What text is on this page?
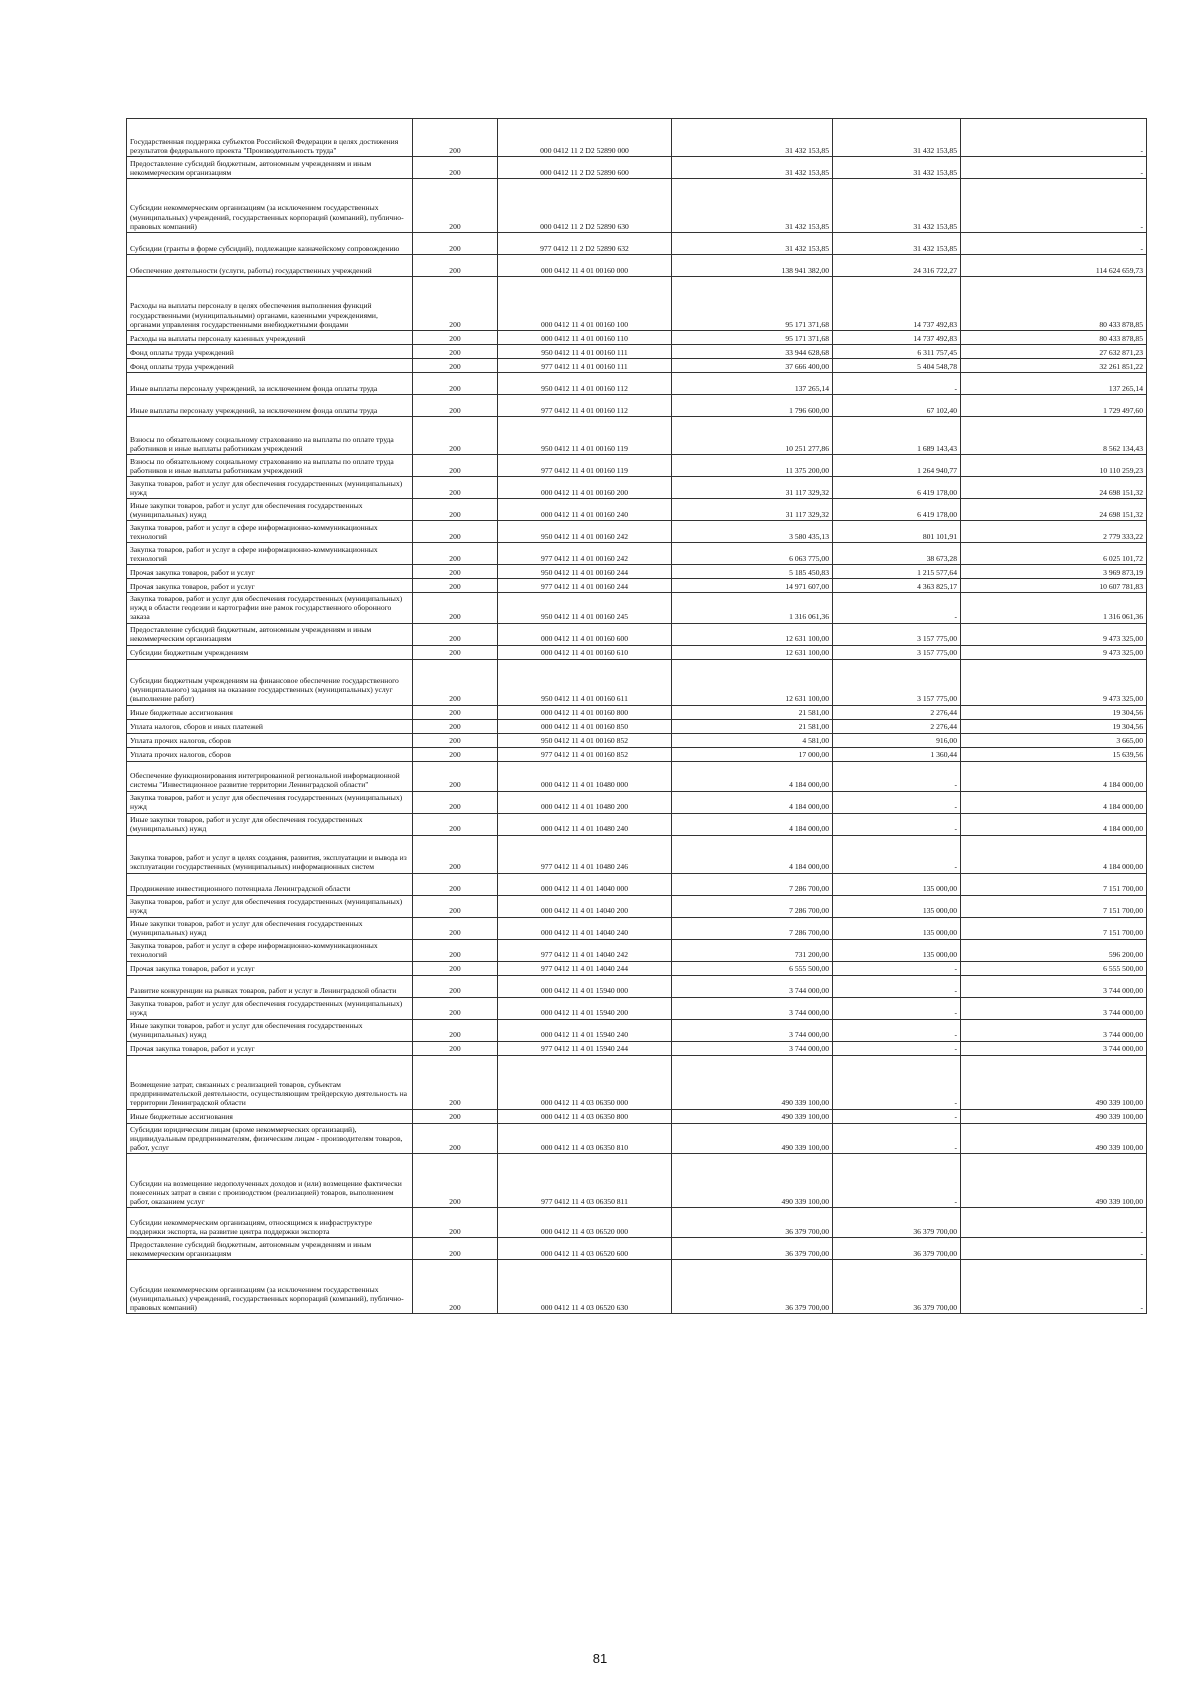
Государственная поддержка субъектов Российской Федерации в целях достижения результатов федерального проекта "Производительность труда"	200	000 0412 11 2 D2 52890 000	31 432 153,85	31 432 153,85	-
Предоставление субсидий бюджетным, автономным учреждениям и иным некоммерческим организациям	200	000 0412 11 2 D2 52890 600	31 432 153,85	31 432 153,85	-
Субсидии некоммерческим организациям (за исключением государственных (муниципальных) учреждений, государственных корпораций (компаний), публично-правовых компаний)	200	000 0412 11 2 D2 52890 630	31 432 153,85	31 432 153,85	-
Субсидии (гранты в форме субсидий), подлежащие казначейскому сопровождению	200	977 0412 11 2 D2 52890 632	31 432 153,85	31 432 153,85	-
Обеспечение деятельности (услуги, работы) государственных учреждений	200	000 0412 11 4 01 00160 000	138 941 382,00	24 316 722,27	114 624 659,73
Расходы на выплаты персоналу в целях обеспечения выполнения функций государственными (муниципальными) органами, казенными учреждениями, органами управления государственными внебюджетными фондами	200	000 0412 11 4 01 00160 100	95 171 371,68	14 737 492,83	80 433 878,85
Расходы на выплаты персоналу казенных учреждений	200	000 0412 11 4 01 00160 110	95 171 371,68	14 737 492,83	80 433 878,85
Фонд оплаты труда учреждений	200	950 0412 11 4 01 00160 111	33 944 628,68	6 311 757,45	27 632 871,23
Фонд оплаты труда учреждений	200	977 0412 11 4 01 00160 111	37 666 400,00	5 404 548,78	32 261 851,22
Иные выплаты персоналу учреждений, за исключением фонда оплаты труда	200	950 0412 11 4 01 00160 112	137 265,14	-	137 265,14
Иные выплаты персоналу учреждений, за исключением фонда оплаты труда	200	977 0412 11 4 01 00160 112	1 796 600,00	67 102,40	1 729 497,60
Взносы по обязательному социальному страхованию на выплаты по оплате труда работников и иные выплаты работникам учреждений	200	950 0412 11 4 01 00160 119	10 251 277,86	1 689 143,43	8 562 134,43
Взносы по обязательному социальному страхованию на выплаты по оплате труда работников и иные выплаты работникам учреждений	200	977 0412 11 4 01 00160 119	11 375 200,00	1 264 940,77	10 110 259,23
Закупка товаров, работ и услуг для обеспечения государственных (муниципальных) нужд	200	000 0412 11 4 01 00160 200	31 117 329,32	6 419 178,00	24 698 151,32
Иные закупки товаров, работ и услуг для обеспечения государственных (муниципальных) нужд	200	000 0412 11 4 01 00160 240	31 117 329,32	6 419 178,00	24 698 151,32
Закупка товаров, работ и услуг в сфере информационно-коммуникационных технологий	200	950 0412 11 4 01 00160 242	3 580 435,13	801 101,91	2 779 333,22
Закупка товаров, работ и услуг в сфере информационно-коммуникационных технологий	200	977 0412 11 4 01 00160 242	6 063 775,00	38 673,28	6 025 101,72
Прочая закупка товаров, работ и услуг	200	950 0412 11 4 01 00160 244	5 185 450,83	1 215 577,64	3 969 873,19
Прочая закупка товаров, работ и услуг	200	977 0412 11 4 01 00160 244	14 971 607,00	4 363 825,17	10 607 781,83
Закупка товаров, работ и услуг для обеспечения государственных (муниципальных) нужд в области геодезии и картографии вне рамок государственного оборонного заказа	200	950 0412 11 4 01 00160 245	1 316 061,36	-	1 316 061,36
Предоставление субсидий бюджетным, автономным учреждениям и иным некоммерческим организациям	200	000 0412 11 4 01 00160 600	12 631 100,00	3 157 775,00	9 473 325,00
Субсидии бюджетным учреждениям	200	000 0412 11 4 01 00160 610	12 631 100,00	3 157 775,00	9 473 325,00
Субсидии бюджетным учреждениям на финансовое обеспечение государственного (муниципального) задания на оказание государственных (муниципальных) услуг (выполнение работ)	200	950 0412 11 4 01 00160 611	12 631 100,00	3 157 775,00	9 473 325,00
Иные бюджетные ассигнования	200	000 0412 11 4 01 00160 800	21 581,00	2 276,44	19 304,56
Уплата налогов, сборов и иных платежей	200	000 0412 11 4 01 00160 850	21 581,00	2 276,44	19 304,56
Уплата прочих налогов, сборов	200	950 0412 11 4 01 00160 852	4 581,00	916,00	3 665,00
Уплата прочих налогов, сборов	200	977 0412 11 4 01 00160 852	17 000,00	1 360,44	15 639,56
Обеспечение функционирования интегрированной региональной информационной системы "Инвестиционное развитие территории Ленинградской области"	200	000 0412 11 4 01 10480 000	4 184 000,00	-	4 184 000,00
Закупка товаров, работ и услуг для обеспечения государственных (муниципальных) нужд	200	000 0412 11 4 01 10480 200	4 184 000,00	-	4 184 000,00
Иные закупки товаров, работ и услуг для обеспечения государственных (муниципальных) нужд	200	000 0412 11 4 01 10480 240	4 184 000,00	-	4 184 000,00
Закупка товаров, работ и услуг в целях создания, развития, эксплуатации и вывода из эксплуатации государственных (муниципальных) информационных систем	200	977 0412 11 4 01 10480 246	4 184 000,00	-	4 184 000,00
Продвижение инвестиционного потенциала Ленинградской области	200	000 0412 11 4 01 14040 000	7 286 700,00	135 000,00	7 151 700,00
Закупка товаров, работ и услуг для обеспечения государственных (муниципальных) нужд	200	000 0412 11 4 01 14040 200	7 286 700,00	135 000,00	7 151 700,00
Иные закупки товаров, работ и услуг для обеспечения государственных (муниципальных) нужд	200	000 0412 11 4 01 14040 240	7 286 700,00	135 000,00	7 151 700,00
Закупка товаров, работ и услуг в сфере информационно-коммуникационных технологий	200	977 0412 11 4 01 14040 242	731 200,00	135 000,00	596 200,00
Прочая закупка товаров, работ и услуг	200	977 0412 11 4 01 14040 244	6 555 500,00	-	6 555 500,00
Развитие конкуренции на рынках товаров, работ и услуг в Ленинградской области	200	000 0412 11 4 01 15940 000	3 744 000,00	-	3 744 000,00
Закупка товаров, работ и услуг для обеспечения государственных (муниципальных) нужд	200	000 0412 11 4 01 15940 200	3 744 000,00	-	3 744 000,00
Иные закупки товаров, работ и услуг для обеспечения государственных (муниципальных) нужд	200	000 0412 11 4 01 15940 240	3 744 000,00	-	3 744 000,00
Прочая закупка товаров, работ и услуг	200	977 0412 11 4 01 15940 244	3 744 000,00	-	3 744 000,00
Возмещение затрат, связанных с реализацией товаров, субъектам предпринимательской деятельности, осуществляющим трейдерскую деятельность на территории Ленинградской области	200	000 0412 11 4 03 06350 000	490 339 100,00	-	490 339 100,00
Иные бюджетные ассигнования	200	000 0412 11 4 03 06350 800	490 339 100,00	-	490 339 100,00
Субсидии юридическим лицам (кроме некоммерческих организаций), индивидуальным предпринимателям, физическим лицам - производителям товаров, работ, услуг	200	000 0412 11 4 03 06350 810	490 339 100,00	-	490 339 100,00
Субсидии на возмещение недополученных доходов и (или) возмещение фактически понесенных затрат в связи с производством (реализацией) товаров, выполнением работ, оказанием услуг	200	977 0412 11 4 03 06350 811	490 339 100,00	-	490 339 100,00
Субсидии некоммерческим организациям, относящимся к инфраструктуре поддержки экспорта, на развитие центра поддержки экспорта	200	000 0412 11 4 03 06520 000	36 379 700,00	36 379 700,00	-
Предоставление субсидий бюджетным, автономным учреждениям и иным некоммерческим организациям	200	000 0412 11 4 03 06520 600	36 379 700,00	36 379 700,00	-
Субсидии некоммерческим организациям (за исключением государственных (муниципальных) учреждений, государственных корпораций (компаний), публично-правовых компаний)	200	000 0412 11 4 03 06520 630	36 379 700,00	36 379 700,00	-
81
